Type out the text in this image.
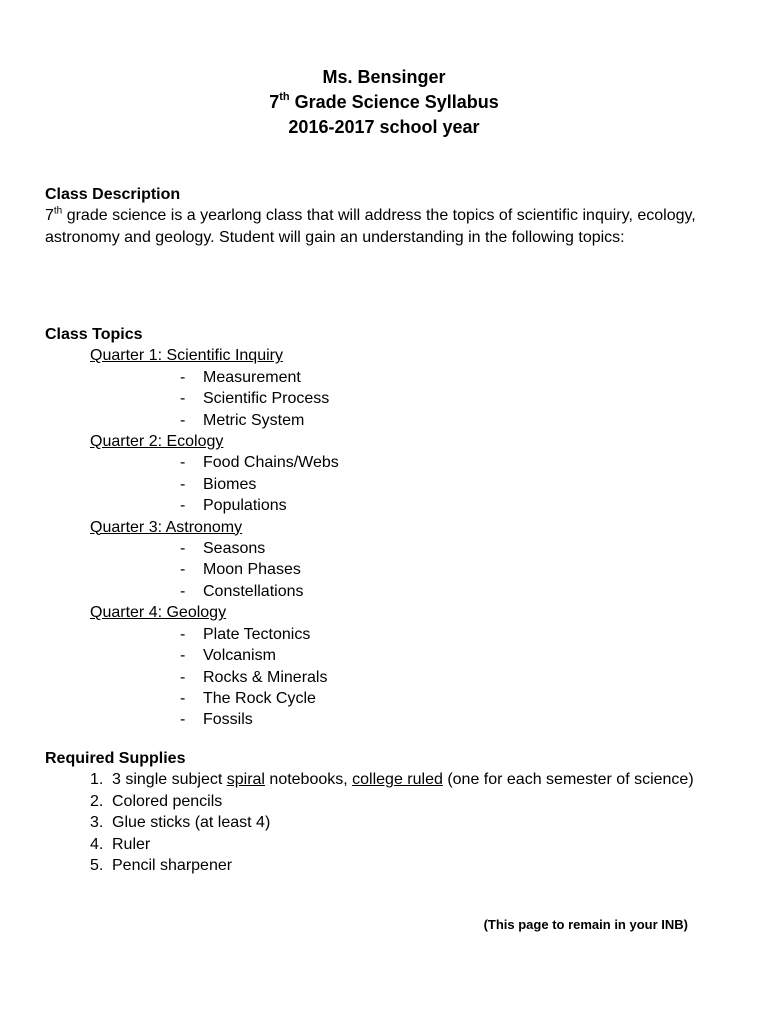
Ms. Bensinger
7th Grade Science Syllabus
2016-2017 school year

Class Description

7th grade science is a yearlong class that will address the topics of scientific inquiry, ecology, astronomy and geology. Student will gain an understanding in the following topics:

Class Topics

Quarter 1: Scientific Inquiry
-	Measurement
-	Scientific Process
-	Metric System
Quarter 2: Ecology
-	Food Chains/Webs
-	Biomes
-	Populations
Quarter 3: Astronomy
-	Seasons
-	Moon Phases
-	Constellations
Quarter 4: Geology
-	Plate Tectonics
-	Volcanism
-	Rocks & Minerals
-	The Rock Cycle
-	Fossils

Required Supplies

1. 3 single subject spiral notebooks, college ruled (one for each semester of science)
2. Colored pencils
3. Glue sticks (at least 4)
4. Ruler
5. Pencil sharpener
(This page to remain in your INB)
